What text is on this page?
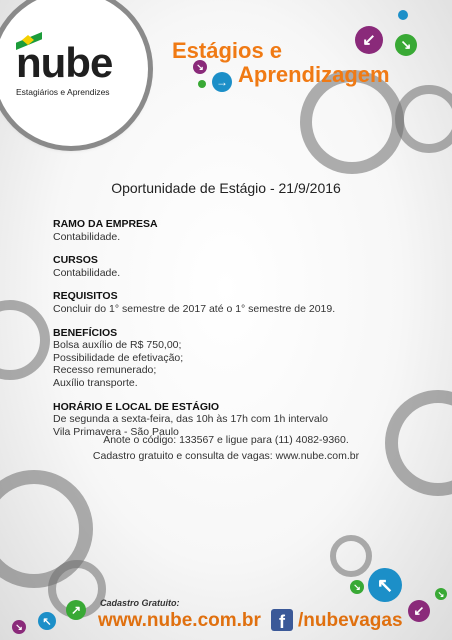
↙	↘
↘
→
↖
↘
↙
↘
↗
↖
↘
nube
Estagiários e Aprendizes
Estágios e
Aprendizagem
Oportunidade de Estágio - 21/9/2016
RAMO DA EMPRESA
Contabilidade.
CURSOS
Contabilidade.
REQUISITOS
Concluir do 1° semestre de 2017 até o 1° semestre de 2019.
BENEFÍCIOS
Bolsa auxílio de R$ 750,00;
Possibilidade de efetivação;
Recesso remunerado;
Auxílio transporte.
HORÁRIO E LOCAL DE ESTÁGIO
De segunda a sexta-feira, das 10h às 17h com 1h intervalo
Vila Primavera - São Paulo
Anote o código: 133567 e ligue para (11) 4082-9360.
Cadastro gratuito e consulta de vagas: www.nube.com.br
Cadastro Gratuito:
www.nube.com.br	f /nubevagas
